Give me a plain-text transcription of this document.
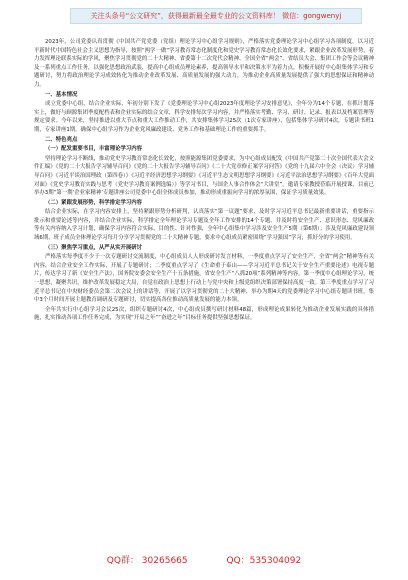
关注头条号“公文研究”，获得最新最全最专业的公文资料库！ 微信：gongwenyj

2023年，公司党委认真贯彻《中国共产党党委（党组）理论学习中心组学习规则》，严格落实党委理论学习中心组学习各项制度，以习近平新时代中国特色社会主义思想为指导，按照“两学一做”学习教育常态化制度化和党史学习教育常态化长效化要求，紧跟企业改革发展形势，着力发挥理论联系实际的学风，聚焦学习贯彻党的二十大精神、省委第十二次党代会精神、全国全省“两会”、省结员大会、集团工作会等会议精神及一系列重点工作任务，以强化思想政治武装，提高中心组成员理论素养，提高领导水平和决策水平为着力点，积极开展好中心组集体学习和专题研讨，努力将政治理论学习成效转化为推动企业改革发展、高质量发展的强大动力，为推动企业高质量发展提供了强大的思想保证和精神动力。

一、基本情况

成立党委中心组，结合企业实际，年初分别下发了《党委理论学习中心组2023年度理论学习安排意见》，全年分为14个专题，在抓计划落实上，做好与顾源集团季度配档表和企业实际的结合文章，科学安排每次学习内容，并严格落实考勤、学习、研讨、记录、报表以及档案管理等规定要求。今年以来，坚持推进以重大节点和重大工作推动工作，共安排集体学习25次（1次专家讲座），包括集体学习研讨4次，专题读书班1期，专家讲座1期，确保中心组学习作为企业党风廉政建设、党务工作和基础理论工作的重要抓手。

二、特色亮点

（一）配发重要书目，丰富理论学习内容

坚持理论学习不断线，推动党史学习教育常态化长效化，按照能源集团党委要求，为中心组成员配发《中国共产党第二十次全国代表大会文件汇编》《党的二十大报告学习辅导百问》《党的二十大报告学习辅导百问》《二十大党章修正案学习问答》《党的十九届六中全会（决议）学习辅导百问》《习近平谈治国理政（第四卷）》《习近平经济思想学习纲要》《习近平生态文明思想学习纲要》《习近平法治思想学习纲要》《百年大党面对面》《党史学习教育实践与思考（党史学习教育案例选编）》等学习书目，与国企人事合作体会“大讲堂”，邀请专家教授莅临开展授课，目前已举办3期“第一期‘企业家精神’专题讲座公司党委中心组全体成员参加，推动形成重振向学习的浓厚氛围，保证学习质量效果。

（二）紧跟发展形势，科学排定学习内容

结合企业实际，在学习内容安排上，坚持紧跟形势分析研判，认真落实“第一议题”要求，及时学习习近平总书记最新重要讲话，重要指示批示和重要论述等内容，并结合企业实际，科学排定全年理论学习专题及全年工作安排的14个专题。并及时将安全生产、意识形态、党风廉政等有关内容纳入学习计划，确保学习内容符合实际、目的性、针对性强，全年中心组集中学习涉及安全生产5期（第6期）；涉及党风廉政建设领域6期，班子成员全体理论学习每月分享学习贯彻党的二十大精神专题，要求中心组成员紧密围绕“学习强国”学习，抓好分的学习使用。

（三）聚焦学习重点，从严从实开展研讨

严格落实每季度不少于一次专题研讨交流制度，中心组成员人人形成研讨发言材料，一季度重点学习了安全生产，全省“两会”精神等有关内容，结合企业安全工作实际，开展了专题研讨；二季度重点学习了《生命重于泰山——学习习近平总书记关于安全生产重要论述》电视专题片，传达学习了新《安全生产法》，国务院安委会安全生产十五条措施，省安全生产“八抓20项”系列精神等内容。第一季度中心组理论学习，统一思想，凝聚共识，维护改革发展稳定大局，自觉在政治上思想上行动上与党中央和上级党组织决策部署保持高度一致。第三季度重点学习了习近平总书记在中央财经委员会第二次会议上的讲话等，开展了以学习贯彻党的二十大精神、举办为期4天的党委理论学习中心组专题读书班，集中3个月时间开展主题教育调研及专题研讨，切实提高各位推动高质量发展的能力本领。

全年共实行中心组学习会议25次，组织专题研讨4次，中心组成员撰写研讨材料48篇，形成理论成果转化为推动企业发展实践的具体措施，扎实推动各项工作任务完成，为实现“开局之年”“奋进之年”目标任务提供坚强思想保证。

QQ群： 30265665	QQ：535304092
